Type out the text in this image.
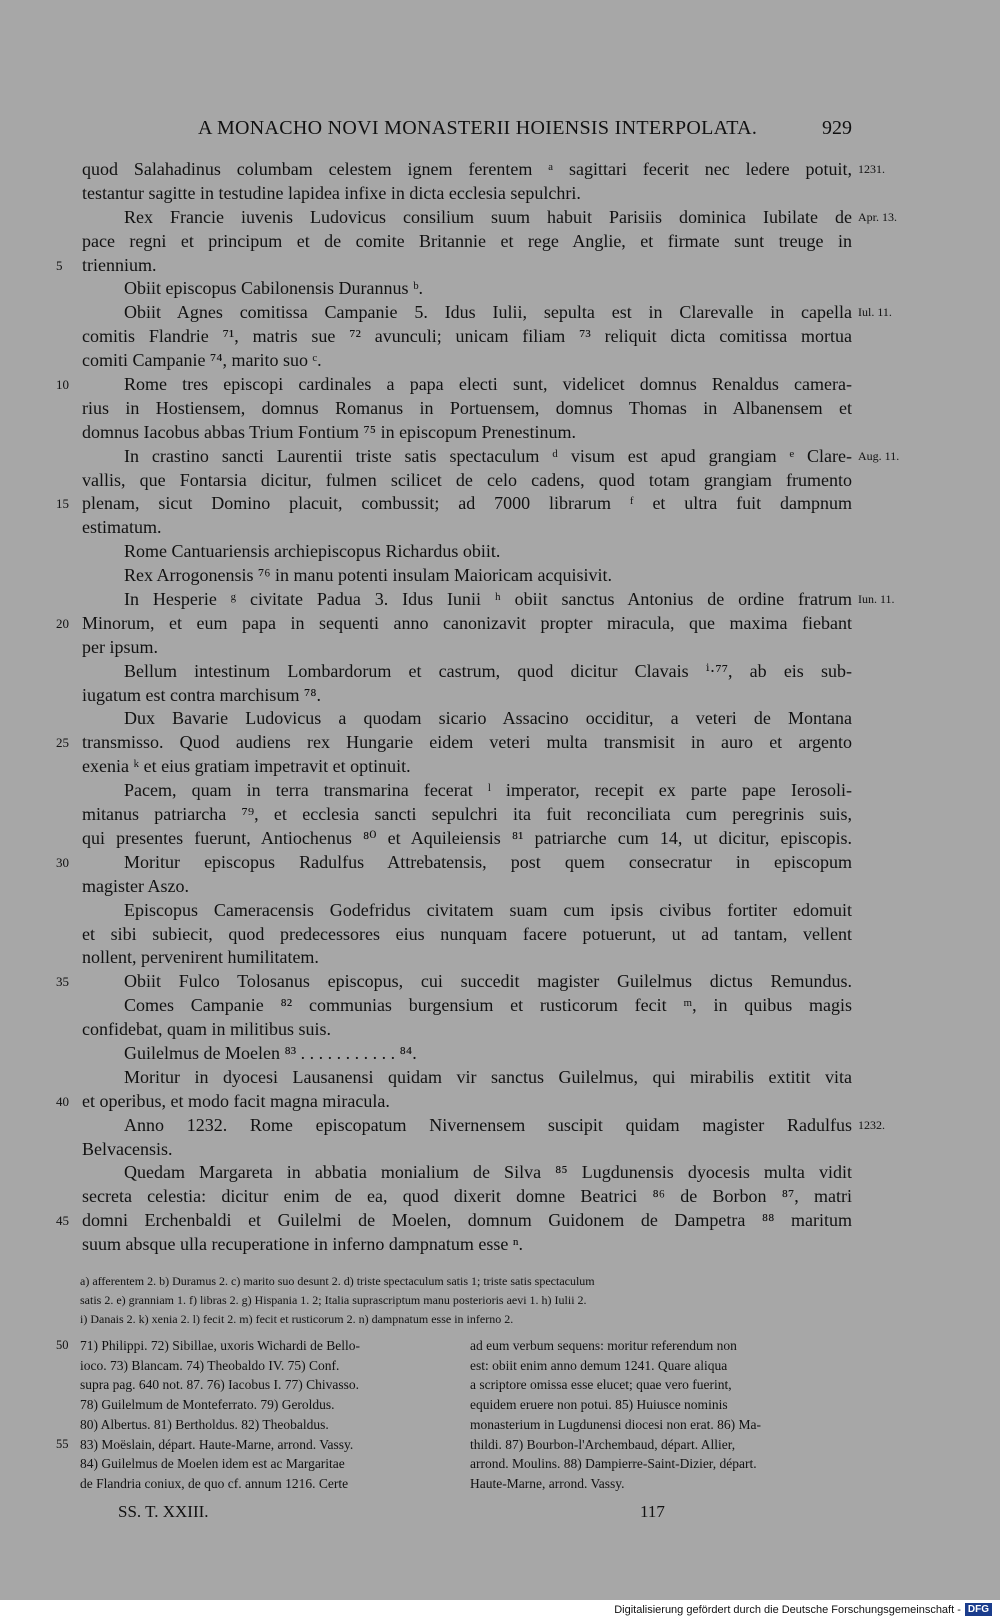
A MONACHO NOVI MONASTERII HOIENSIS INTERPOLATA.	929
quod Salahadinus columbam celestem ignem ferentem ᵃ sagittari fecerit nec ledere potuit, 1231.
testantur sagitte in testudine lapidea infixe in dicta ecclesia sepulchri.
Rex Francie iuvenis Ludovicus consilium suum habuit Parisiis dominica Iubilate de Apr. 13.
pace regni et principum et de comite Britannie et rege Anglie, et firmate sunt treuge in
triennium.
5
Obiit episcopus Cabilonensis Durannus ᵇ.
Obiit Agnes comitissa Campanie 5. Idus Iulii, sepulta est in Clarevalle in capella Iul. 11.
comitis Flandrie ⁷¹, matris sue ⁷² avunculi; unicam filiam ⁷³ reliquit dicta comitissa mortua
comiti Campanie ⁷⁴, marito suo ᶜ.
Rome tres episcopi cardinales a papa electi sunt, videlicet domnus Renaldus camera-
10
rius in Hostiensem, domnus Romanus in Portuensem, domnus Thomas in Albanensem et
domnus Iacobus abbas Trium Fontium ⁷⁵ in episcopum Prenestinum.
In crastino sancti Laurentii triste satis spectaculum ᵈ visum est apud grangiam ᵉ Clare- Aug. 11.
vallis, que Fontarsia dicitur, fulmen scilicet de celo cadens, quod totam grangiam frumento
plenam, sicut Domino placuit, combussit; ad 7000 librarum ᶠ et ultra fuit dampnum
15
estimatum.
Rome Cantuariensis archiepiscopus Richardus obiit.
Rex Arrogonensis ⁷⁶ in manu potenti insulam Maioricam acquisivit.
In Hesperie ᵍ civitate Padua 3. Idus Iunii ʰ obiit sanctus Antonius de ordine fratrum Iun. 11.
Minorum, et eum papa in sequenti anno canonizavit propter miracula, que maxima fiebant
20
per ipsum.
Bellum intestinum Lombardorum et castrum, quod dicitur Clavais ⁱ·⁷⁷, ab eis sub-
iugatum est contra marchisum ⁷⁸.
Dux Bavarie Ludovicus a quodam sicario Assacino occiditur, a veteri de Montana
transmisso. Quod audiens rex Hungarie eidem veteri multa transmisit in auro et argento
25
exenia ᵏ et eius gratiam impetravit et optinuit.
Pacem, quam in terra transmarina fecerat ˡ imperator, recepit ex parte pape Ierosoli-
mitanus patriarcha ⁷⁹, et ecclesia sancti sepulchri ita fuit reconciliata cum peregrinis suis,
qui presentes fuerunt, Antiochenus ⁸⁰ et Aquileiensis ⁸¹ patriarche cum 14, ut dicitur, episcopis.
Moritur episcopus Radulfus Attrebatensis, post quem consecratur in episcopum
30
magister Aszo.
Episcopus Cameracensis Godefridus civitatem suam cum ipsis civibus fortiter edomuit
et sibi subiecit, quod predecessores eius nunquam facere potuerunt, ut ad tantam, vellent
nollent, pervenirent humilitatem.
Obiit Fulco Tolosanus episcopus, cui succedit magister Guilelmus dictus Remundus.
35
Comes Campanie ⁸² communias burgensium et rusticorum fecit ᵐ, in quibus magis
confidebat, quam in militibus suis.
Guilelmus de Moelen ⁸³ . . . . . . . . . . . ⁸⁴.
Moritur in dyocesi Lausanensi quidam vir sanctus Guilelmus, qui mirabilis extitit vita
et operibus, et modo facit magna miracula.
40
Anno 1232. Rome episcopatum Nivernensem suscipit quidam magister Radulfus 1232.
Belvacensis.
Quedam Margareta in abbatia monialium de Silva ⁸⁵ Lugdunensis dyocesis multa vidit
secreta celestia: dicitur enim de ea, quod dixerit domne Beatrici ⁸⁶ de Borbon ⁸⁷, matri
domni Erchenbaldi et Guilelmi de Moelen, domnum Guidonem de Dampetra ⁸⁸ maritum
45
suum absque ulla recuperatione in inferno dampnatum esse ⁿ.
a) afferentem 2. b) Duramus 2. c) marito suo desunt 2. d) triste spectaculum satis 1; triste satis spectaculum
satis 2. e) granniam 1. f) libras 2. g) Hispania 1. 2; Italia suprascriptum manu posterioris aevi 1. h) Iulii 2.
i) Danais 2. k) xenia 2. l) fecit 2. m) fecit et rusticorum 2. n) dampnatum esse in inferno 2.
50 71) Philippi. 72) Sibillae, uxoris Wichardi de Bello-
ioco. 73) Blancam. 74) Theobaldo IV. 75) Conf.
supra pag. 640 not. 87. 76) Iacobus I. 77) Chivasso.
78) Guilelmum de Monteferrato. 79) Geroldus.
80) Albertus. 81) Bertholdus. 82) Theobaldus.
55 83) Moëslain, départ. Haute-Marne, arrond. Vassy.
84) Guilelmus de Moelen idem est ac Margaritae
de Flandria coniux, de quo cf. annum 1216. Certe
ad eum verbum sequens: moritur referendum non
est: obiit enim anno demum 1241. Quare aliqua
a scriptore omissa esse elucet; quae vero fuerint,
equidem eruere non potui. 85) Huiusce nominis
monasterium in Lugdunensi diocesi non erat. 86) Ma-
thildi. 87) Bourbon-l'Archembaud, départ. Allier,
arrond. Moulins. 88) Dampierre-Saint-Dizier, départ.
Haute-Marne, arrond. Vassy.
SS. T. XXIII.	117
Digitalisierung gefördert durch die Deutsche Forschungsgemeinschaft - DFG
